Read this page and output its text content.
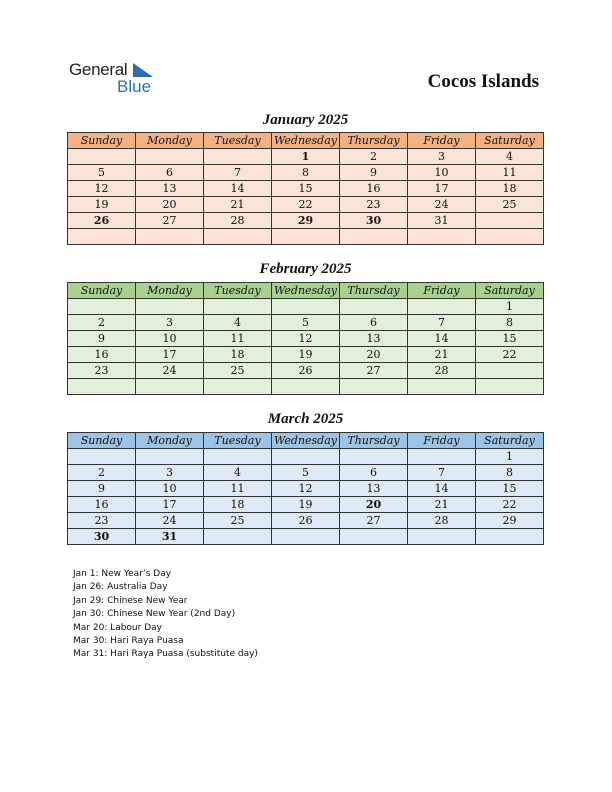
General
Blue	Cocos Islands
January 2025
Sunday	Monday	Tuesday	Wednesday	Thursday	Friday	Saturday
			1	2	3	4
5	6	7	8	9	10	11
12	13	14	15	16	17	18
19	20	21	22	23	24	25
26	27	28	29	30	31	

February 2025
Sunday	Monday	Tuesday	Wednesday	Thursday	Friday	Saturday
						1
2	3	4	5	6	7	8
9	10	11	12	13	14	15
16	17	18	19	20	21	22
23	24	25	26	27	28	

March 2025
Sunday	Monday	Tuesday	Wednesday	Thursday	Friday	Saturday
						1
2	3	4	5	6	7	8
9	10	11	12	13	14	15
16	17	18	19	20	21	22
23	24	25	26	27	28	29
30	31					
Jan 1: New Year’s Day
Jan 26: Australia Day
Jan 29: Chinese New Year
Jan 30: Chinese New Year (2nd Day)
Mar 20: Labour Day
Mar 30: Hari Raya Puasa
Mar 31: Hari Raya Puasa (substitute day)
